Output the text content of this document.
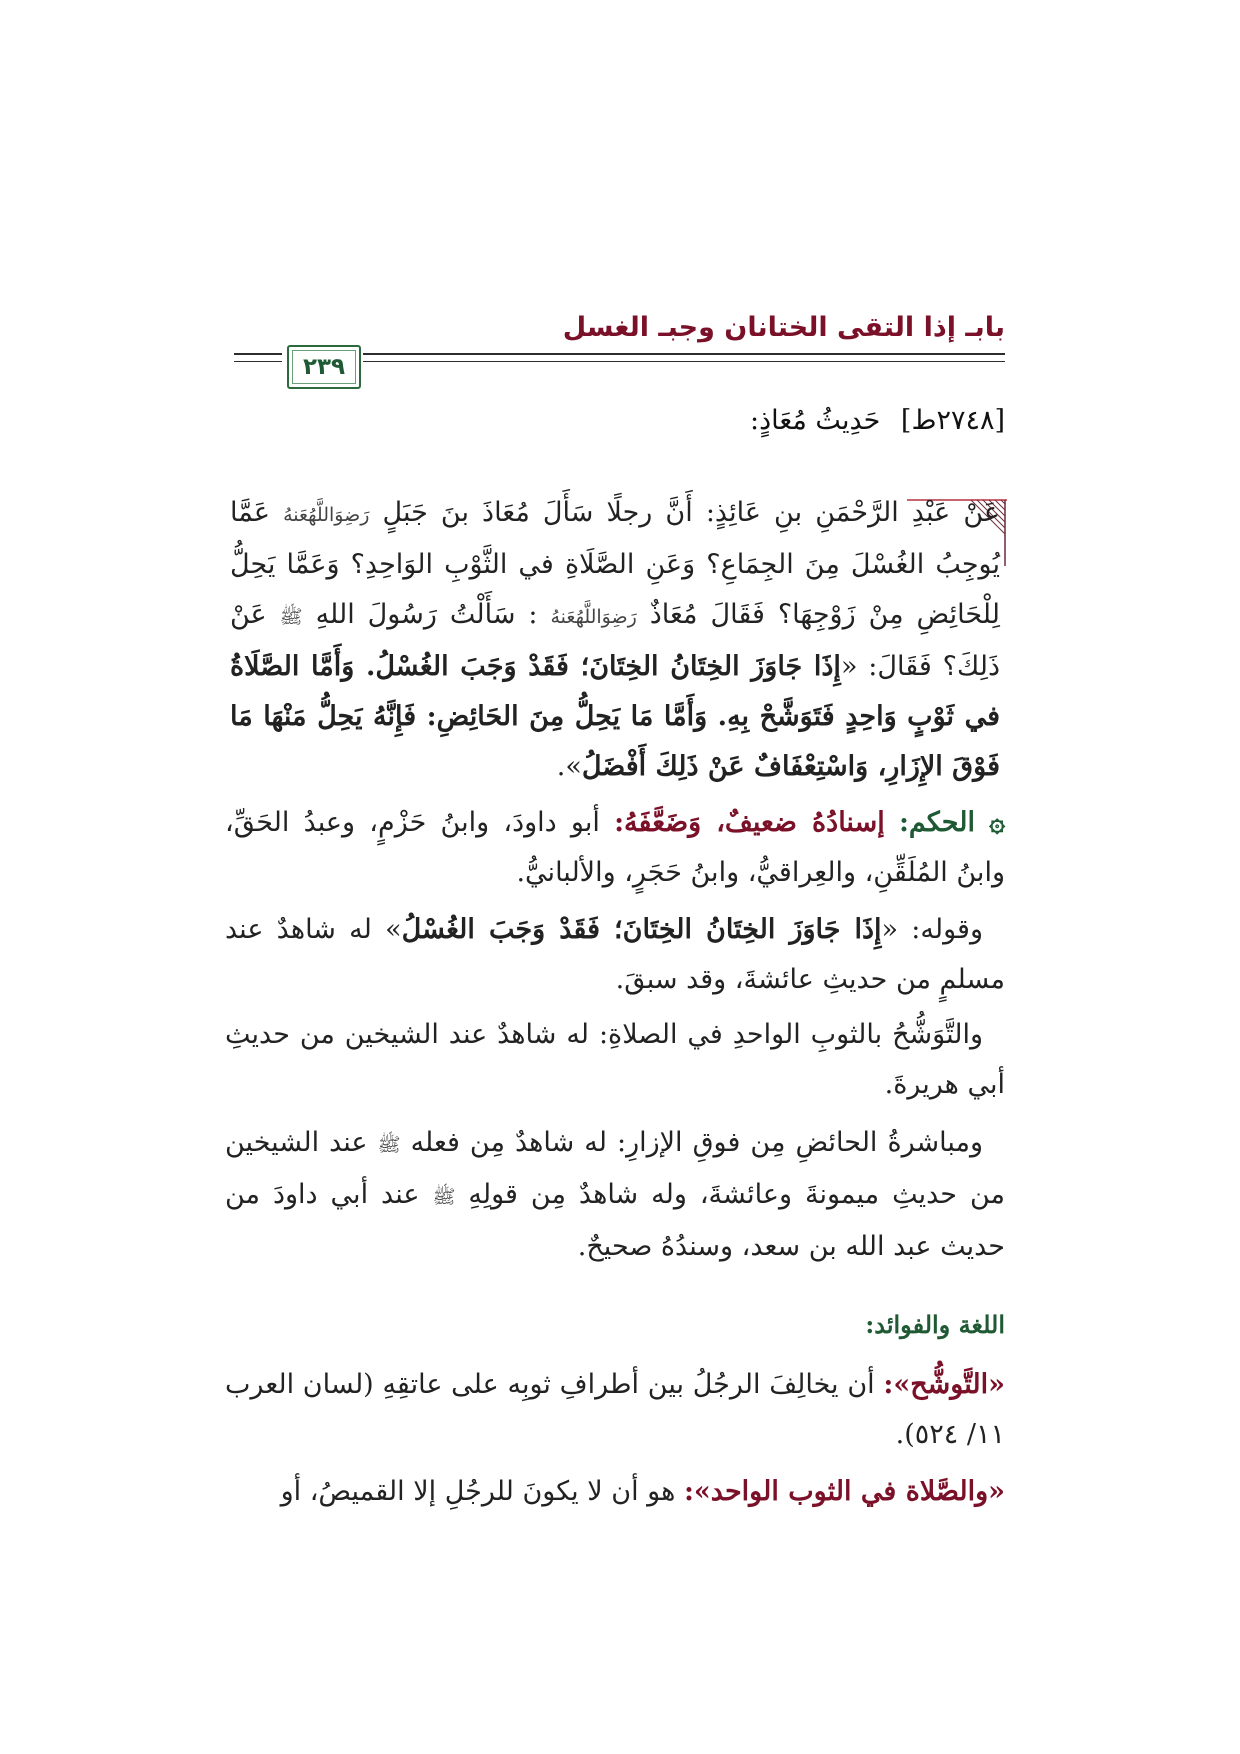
بابـ إذا التقى الختانان وجبـ الغسل
٢٣٩
[٢٧٤٨ط] حَدِيثُ مُعَاذٍ:
عَنْ عَبْدِ الرَّحْمَنِ بنِ عَائِذٍ: أَنَّ رجلًا سَأَلَ مُعَاذَ بنَ جَبَلٍ رَضِوَاللَّهُعَنهُ عَمَّا يُوجِبُ الغُسْلَ مِنَ الجِمَاعِ؟ وَعَنِ الصَّلَاةِ في الثَّوْبِ الوَاحِدِ؟ وَعَمَّا يَحِلُّ لِلْحَائِضِ مِنْ زَوْجِهَا؟ فَقَالَ مُعَاذٌ رَضِوَاللَّهُعَنهُ : سَأَلْتُ رَسُولَ اللهِ ﷺ عَنْ ذَلِكَ؟ فَقَالَ: «إِذَا جَاوَزَ الخِتَانُ الخِتَانَ؛ فَقَدْ وَجَبَ الغُسْلُ. وَأَمَّا الصَّلَاةُ في ثَوْبٍ وَاحِدٍ فَتَوَشَّحْ بِهِ. وَأَمَّا مَا يَحِلُّ مِنَ الحَائِضِ: فَإِنَّهُ يَحِلُّ مَنْهَا مَا فَوْقَ الإِزَارِ، وَاسْتِعْفَافٌ عَنْ ذَلِكَ أَفْضَلُ».
۞ الحكم: إسنادُهُ ضعيفٌ، وَضَعَّفَهُ: أبو داودَ، وابنُ حَزْمٍ، وعبدُ الحَقِّ، وابنُ المُلَقِّنِ، والعِراقيُّ، وابنُ حَجَرٍ، والألبانيُّ.
وقوله: «إِذَا جَاوَزَ الخِتَانُ الخِتَانَ؛ فَقَدْ وَجَبَ الغُسْلُ» له شاهدٌ عند مسلمٍ من حديثِ عائشةَ، وقد سبقَ.
والتَّوَشُّحُ بالثوبِ الواحدِ في الصلاةِ: له شاهدٌ عند الشيخين من حديثِ أبي هريرةَ.
ومباشرةُ الحائضِ مِن فوقِ الإزارِ: له شاهدٌ مِن فعله ﷺ عند الشيخين من حديثِ ميمونةَ وعائشةَ، وله شاهدٌ مِن قولِهِ ﷺ عند أبي داودَ من حديث عبد الله بن سعد، وسندُهُ صحيحٌ.
اللغة والفوائد:
«التَّوشُّح»: أن يخالِفَ الرجُلُ بين أطرافِ ثوبِه على عاتقِهِ (لسان العرب ١١/ ٥٢٤).
«والصَّلاة في الثوب الواحد»: هو أن لا يكونَ للرجُلِ إلا القميصُ، أو
